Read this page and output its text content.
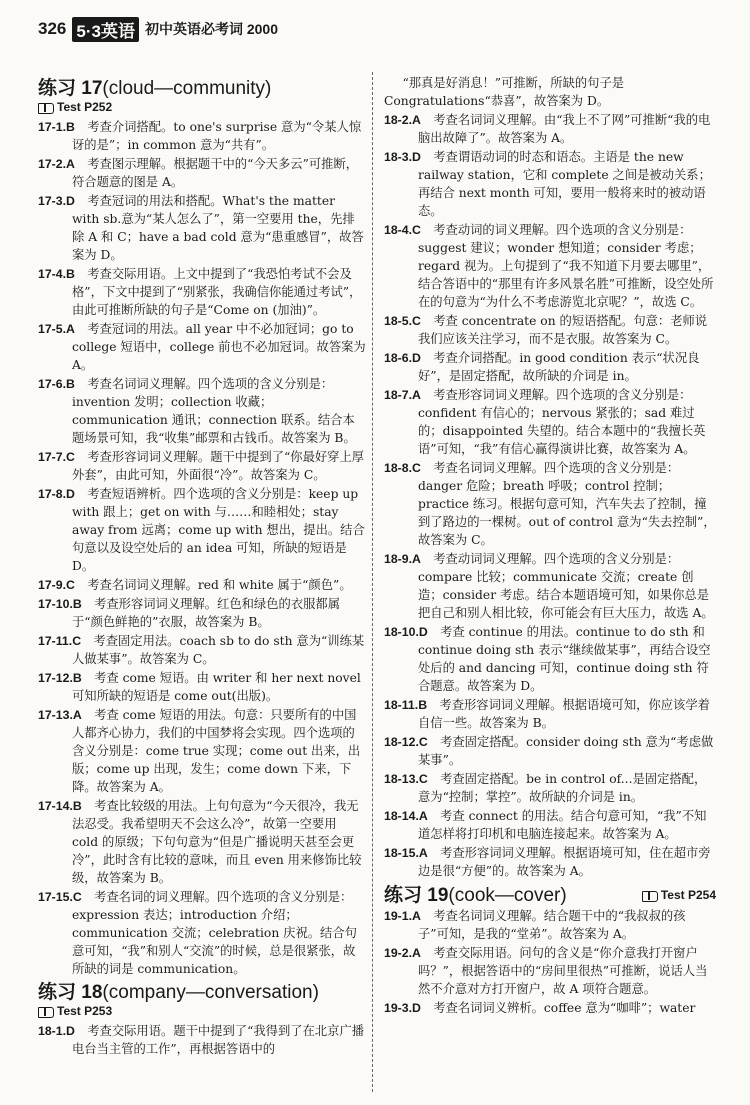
326 5·3英语 初中英语必考词 2000
练习 17(cloud—community)
Test P252

17-1.B　 考查介词搭配。to one's surprise 意为“令某人惊讶的是”；in common 意为“共有”。

17-2.A　 考查图示理解。根据题干中的“今天多云”可推断，符合题意的图是 A。

17-3.D　 考查冠词的用法和搭配。What's the matter with sb.意为“某人怎么了”，第一空要用 the，先排除 A 和 C；have a bad cold 意为“患重感冒”，故答案为 D。

17-4.B　 考查交际用语。上文中提到了“我恐怕考试不会及格”，下文中提到了“别紧张，我确信你能通过考试”，由此可推断所缺的句子是“Come on (加油)”。

17-5.A　 考查冠词的用法。all year 中不必加冠词；go to college 短语中，college 前也不必加冠词。故答案为 A。

17-6.B　 考查名词词义理解。四个选项的含义分别是：invention 发明；collection 收藏；communication 通讯；connection 联系。结合本题场景可知，我“收集”邮票和古钱币。故答案为 B。

17-7.C　 考查形容词词义理解。题干中提到了“你最好穿上厚外套”，由此可知，外面很“冷”。故答案为 C。

17-8.D　 考查短语辨析。四个选项的含义分别是：keep up with 跟上；get on with 与……和睦相处；stay away from 远离；come up with 想出，提出。结合句意以及设空处后的 an idea 可知，所缺的短语是 D。

17-9.C　 考查名词词义理解。red 和 white 属于“颜色”。

17-10.B　 考查形容词词义理解。红色和绿色的衣服都属于“颜色鲜艳的”衣服，故答案为 B。

17-11.C　 考查固定用法。coach sb to do sth 意为“训练某人做某事”。故答案为 C。

17-12.B　 考查 come 短语。由 writer 和 her next novel 可知所缺的短语是 come out(出版)。

17-13.A　 考查 come 短语的用法。句意：只要所有的中国人都齐心协力，我们的中国梦将会实现。四个选项的含义分别是：come true 实现；come out 出来，出版；come up 出现，发生；come down 下来，下降。故答案为 A。

17-14.B　 考查比较级的用法。上句句意为“今天很冷，我无法忍受。我希望明天不会这么冷”，故第一空要用 cold 的原级；下句句意为“但是广播说明天甚至会更冷”，此时含有比较的意味，而且 even 用来修饰比较级，故答案为 B。

17-15.C　 考查名词的词义理解。四个选项的含义分别是：expression 表达；introduction 介绍；communication 交流；celebration 庆祝。结合句意可知，“我”和别人“交流”的时候，总是很紧张，故所缺的词是 communication。

练习 18(company—conversation)
Test P253

18-1.D　 考查交际用语。题干中提到了“我得到了在北京广播电台当主管的工作”，再根据答语中的

“那真是好消息！”可推断，所缺的句子是 Congratulations“恭喜”，故答案为 D。

18-2.A　 考查名词词义理解。由“我上不了网”可推断“我的电脑出故障了”。故答案为 A。

18-3.D　 考查谓语动词的时态和语态。主语是 the new railway station，它和 complete 之间是被动关系；再结合 next month 可知，要用一般将来时的被动语态。

18-4.C　 考查动词的词义理解。四个选项的含义分别是：suggest 建议；wonder 想知道；consider 考虑；regard 视为。上句提到了“我不知道下月要去哪里”，结合答语中的“那里有许多风景名胜”可推断，设空处所在的句意为“为什么不考虑游览北京呢？”，故选 C。

18-5.C　 考查 concentrate on 的短语搭配。句意：老师说我们应该关注学习，而不是衣服。故答案为 C。

18-6.D　 考查介词搭配。in good condition 表示“状况良好”，是固定搭配，故所缺的介词是 in。

18-7.A　 考查形容词词义理解。四个选项的含义分别是：confident 有信心的；nervous 紧张的；sad 难过的；disappointed 失望的。结合本题中的“我擅长英语”可知，“我”有信心赢得演讲比赛，故答案为 A。

18-8.C　 考查名词词义理解。四个选项的含义分别是：danger 危险；breath 呼吸；control 控制；practice 练习。根据句意可知，汽车失去了控制，撞到了路边的一棵树。out of control 意为“失去控制”，故答案为 C。

18-9.A　 考查动词词义理解。四个选项的含义分别是：compare 比较；communicate 交流；create 创造；consider 考虑。结合本题语境可知，如果你总是把自己和别人相比较，你可能会有巨大压力，故选 A。

18-10.D　 考查 continue 的用法。continue to do sth 和 continue doing sth 表示“继续做某事”，再结合设空处后的 and dancing 可知，continue doing sth 符合题意。故答案为 D。

18-11.B　 考查形容词词义理解。根据语境可知，你应该学着自信一些。故答案为 B。

18-12.C　 考查固定搭配。consider doing sth 意为“考虑做某事”。

18-13.C　 考查固定搭配。be in control of...是固定搭配，意为“控制；掌控”。故所缺的介词是 in。

18-14.A　 考查 connect 的用法。结合句意可知，“我”不知道怎样将打印机和电脑连接起来。故答案为 A。

18-15.A　 考查形容词词义理解。根据语境可知，住在超市旁边是很“方便”的。故答案为 A。

练习 19(cook—cover)	Test P254

19-1.A　 考查名词词义理解。结合题干中的“我叔叔的孩子”可知，是我的“堂弟”。故答案为 A。

19-2.A　 考查交际用语。问句的含义是“你介意我打开窗户吗？”，根据答语中的“房间里很热”可推断，说话人当然不介意对方打开窗户，故 A 项符合题意。

19-3.D　 考查名词词义辨析。coffee 意为“咖啡”；water
